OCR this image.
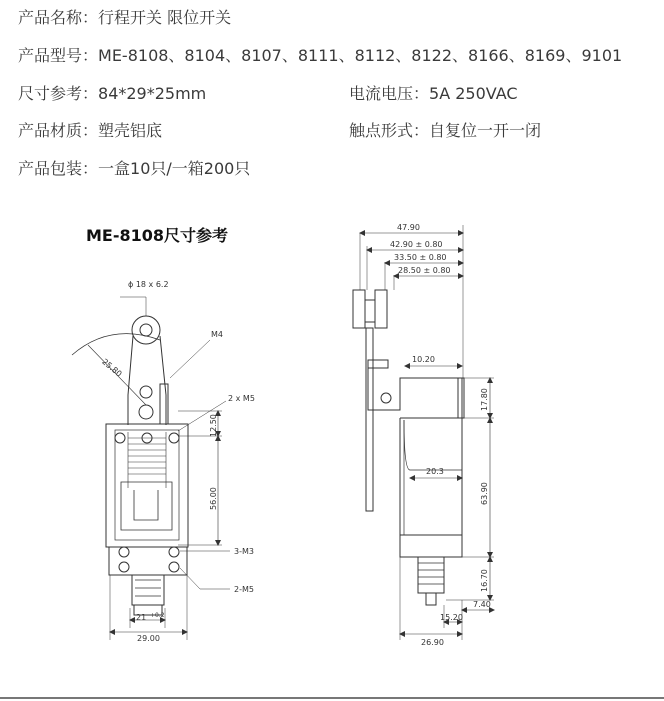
产品名称：行程开关 限位开关
产品型号：ME-8108、8104、8107、8111、8112、8122、8166、8169、9101
尺寸参考：84*29*25mm	电流电压：5A 250VAC
产品材质：塑壳铝底	触点形式：自复位一开一闭
产品包装：一盒10只/一箱200只
ME-8108尺寸参考
ϕ 18 x 6.2
M4
25.80
2 x M5
12.50
56.00
3-M3
2-M5
21 +0.2
29.00
47.90
42.90 ± 0.80
33.50 ± 0.80
28.50 ± 0.80
10.20
17.80
20.3
63.90
16.70
7.40
15.20
26.90
